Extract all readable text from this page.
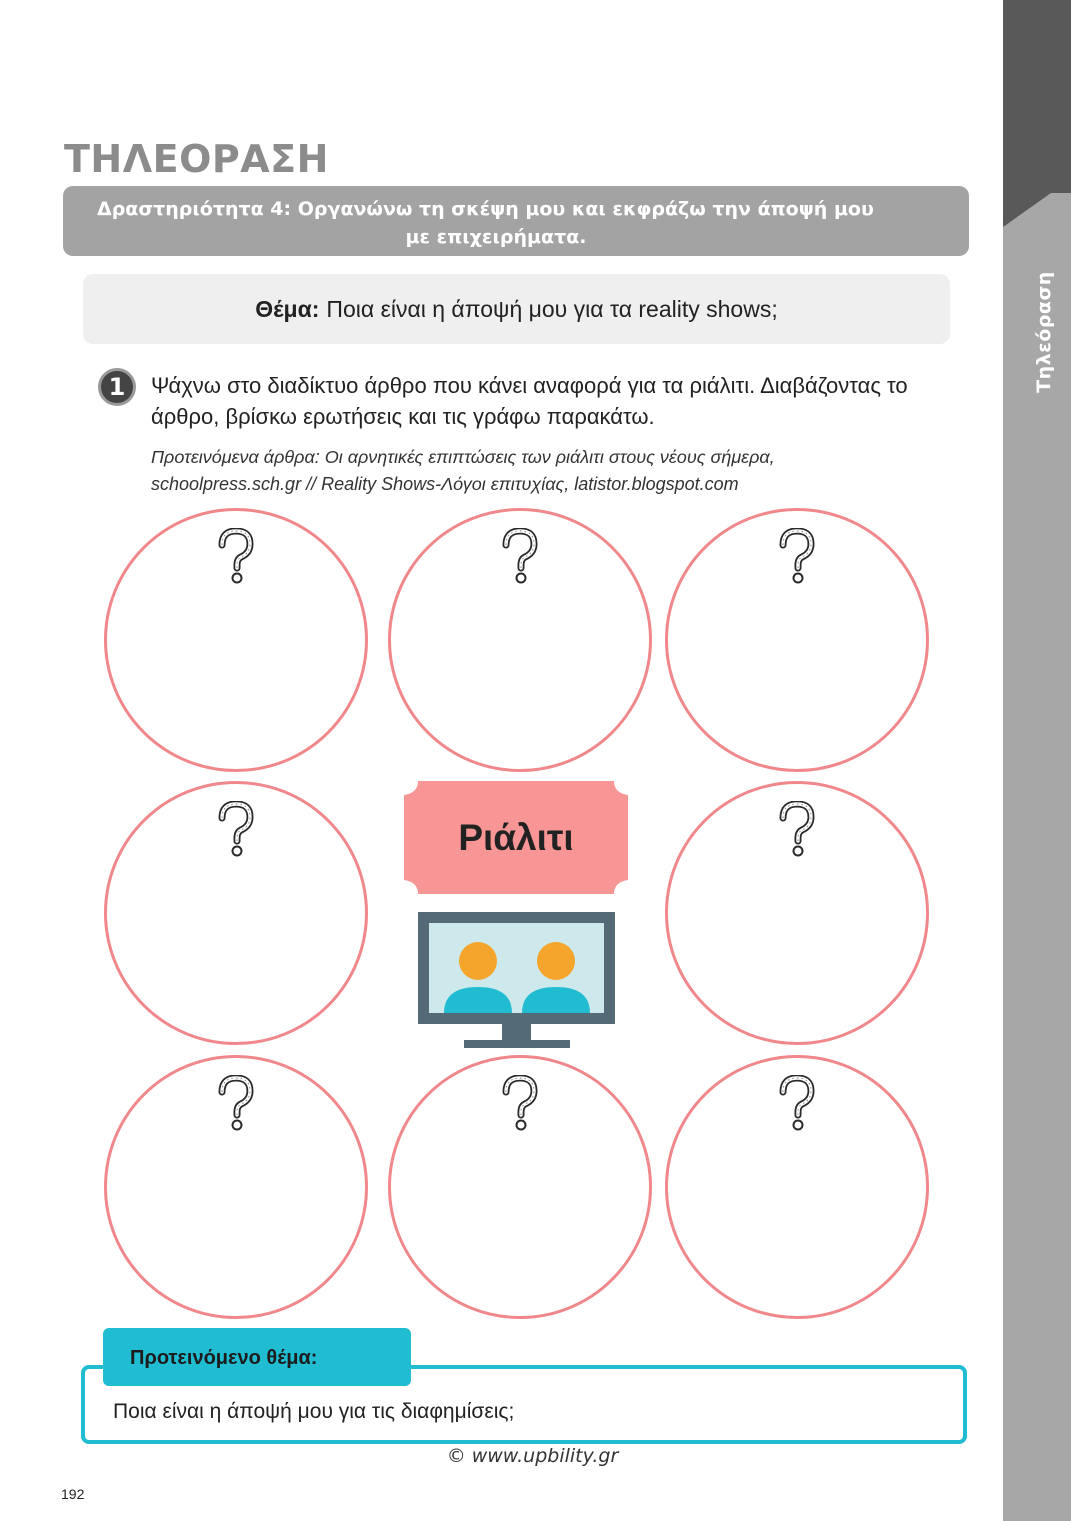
Τηλεόραση
ΤΗΛΕΟΡΑΣΗ
Δραστηριότητα 4: Οργανώνω τη σκέψη μου και εκφράζω την άποψή μου
με επιχειρήματα.
Θέμα: Ποια είναι η άποψή μου για τα reality shows;
1	Ψάχνω στο διαδίκτυο άρθρο που κάνει αναφορά για τα ριάλιτι. Διαβάζοντας το άρθρο, βρίσκω ερωτήσεις και τις γράφω παρακάτω.

Προτεινόμενα άρθρα: Οι αρνητικές επιπτώσεις των ριάλιτι στους νέους σήμερα,
schoolpress.sch.gr // Reality Shows-Λόγοι επιτυχίας, latistor.blogspot.com

Ριάλιτι
Προτεινόμενο θέμα:
Ποια είναι η άποψή μου για τις διαφημίσεις;
© www.upbility.gr
192
